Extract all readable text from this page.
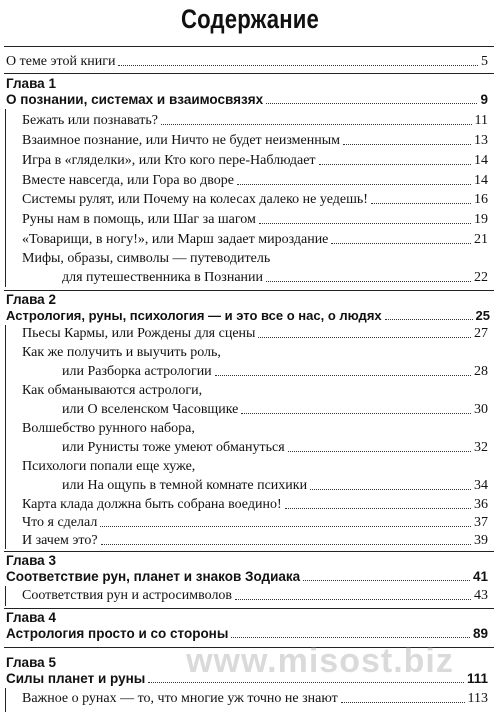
Содержание
О теме этой книги	5
Глава 1
О познании, системах и взаимосвязях	9
Бежать или познавать?	11
Взаимное познание, или Ничто не будет неизменным	13
Игра в «гляделки», или Кто кого пере-Наблюдает	14
Вместе навсегда, или Гора во дворе	14
Системы рулят, или Почему на колесах далеко не уедешь!	16
Руны нам в помощь, или Шаг за шагом	19
«Товарищи, в ногу!», или Марш задает мироздание	21
Мифы, образы, символы — путеводитель
для путешественника в Познании	22
Глава 2
Астрология, руны, психология — и это все о нас, о людях	25
Пьесы Кармы, или Рождены для сцены	27
Как же получить и выучить роль,
или Разборка астрологии	28
Как обманываются астрологи,
или О вселенском Часовщике	30
Волшебство рунного набора,
или Рунисты тоже умеют обмануться	32
Психологи попали еще хуже,
или На ощупь в темной комнате психики	34
Карта клада должна быть собрана воедино!	36
Что я сделал	37
И зачем это?	39
Глава 3
Соответствие рун, планет и знаков Зодиака	41
Соответствия рун и астросимволов	43
Глава 4
Астрология просто и со стороны	89
Глава 5
Силы планет и руны	111
Важное о рунах — то, что многие уж точно не знают	113
www.misost.biz
